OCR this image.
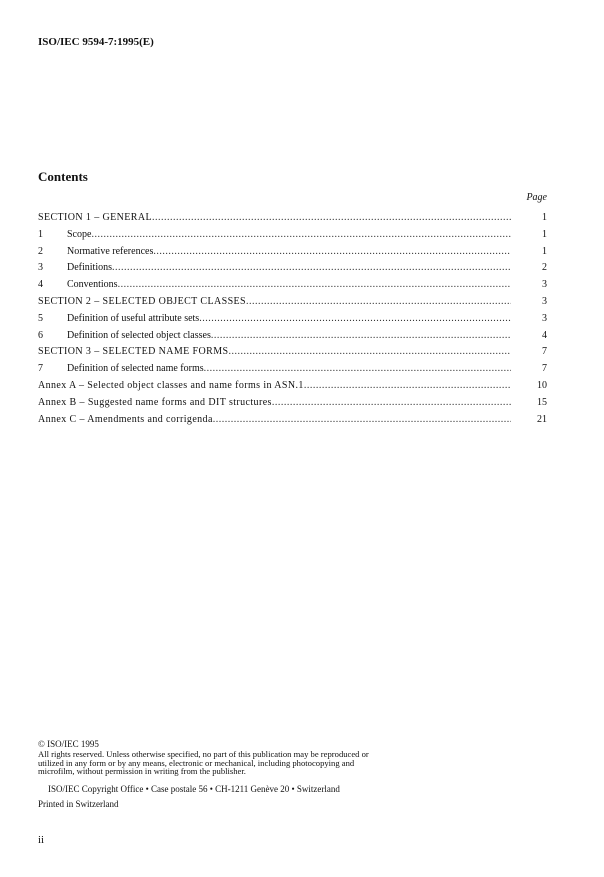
ISO/IEC 9594-7:1995(E)
Contents
Page
SECTION 1 – GENERAL .....	1
1	Scope .....	1
2	Normative references .....	1
3	Definitions .....	2
4	Conventions .....	3
SECTION 2 – SELECTED OBJECT CLASSES .....	3
5	Definition of useful attribute sets .....	3
6	Definition of selected object classes .....	4
SECTION 3 – SELECTED NAME FORMS .....	7
7	Definition of selected name forms .....	7
Annex A – Selected object classes and name forms in ASN.1 .....	10
Annex B – Suggested name forms and DIT structures .....	15
Annex C – Amendments and corrigenda .....	21
© ISO/IEC 1995
All rights reserved. Unless otherwise specified, no part of this publication may be reproduced or utilized in any form or by any means, electronic or mechanical, including photocopying and microfilm, without permission in writing from the publisher.
ISO/IEC Copyright Office • Case postale 56 • CH-1211 Genève 20 • Switzerland
Printed in Switzerland
ii
